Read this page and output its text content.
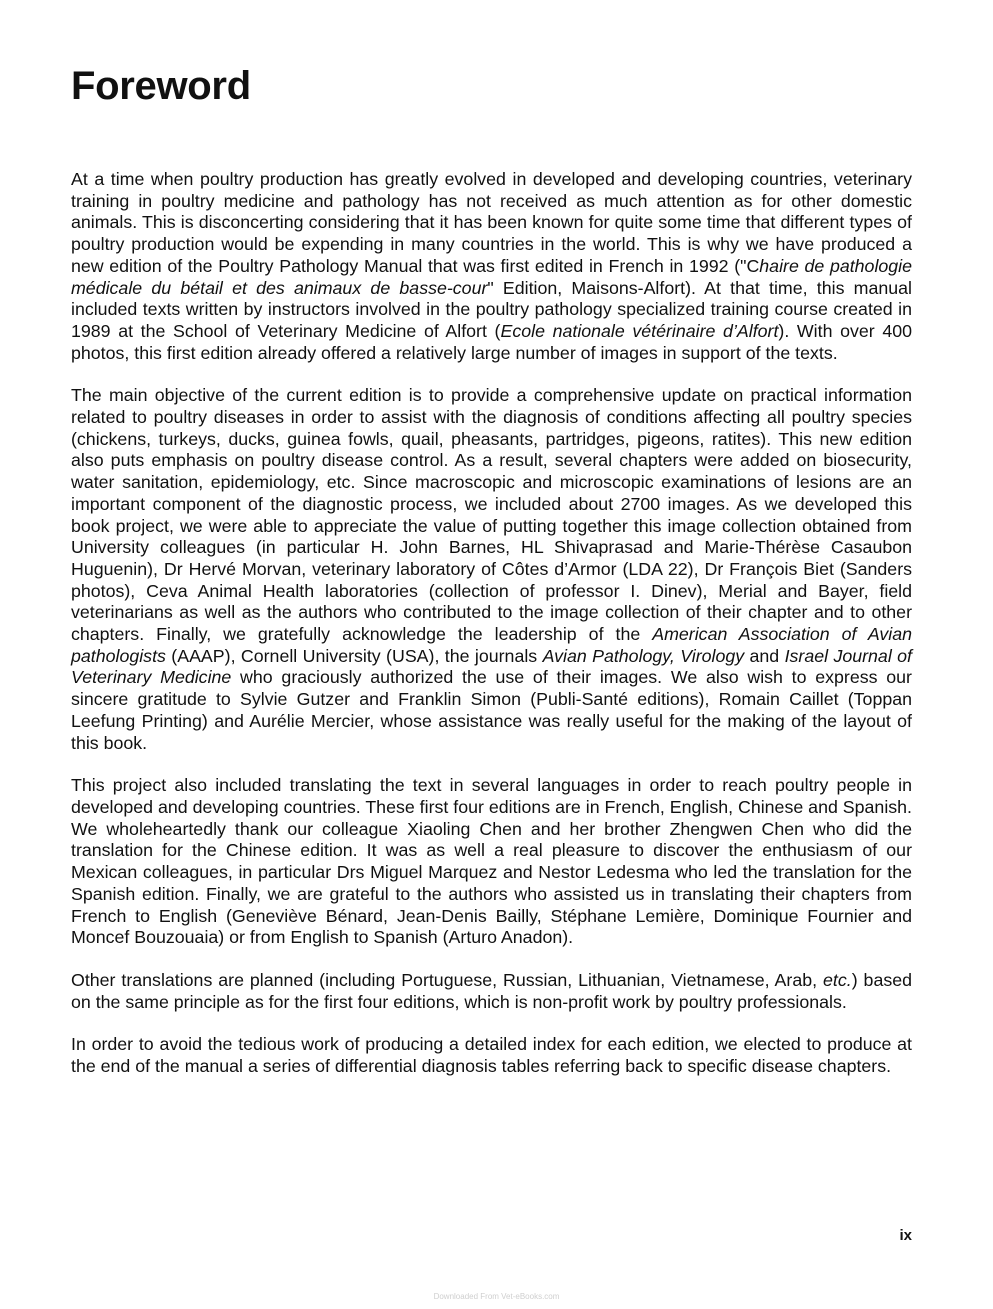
Foreword

At a time when poultry production has greatly evolved in developed and developing countries, veterinary training in poultry medicine and pathology has not received as much attention as for other domestic animals. This is disconcerting considering that it has been known for quite some time that different types of poultry production would be expending in many countries in the world. This is why we have produced a new edition of the Poultry Pathology Manual that was first edited in French in 1992 ("Chaire de pathologie médicale du bétail et des animaux de basse-cour" Edition, Maisons-Alfort). At that time, this manual included texts written by instructors involved in the poultry pathology specialized training course created in 1989 at the School of Veterinary Medicine of Alfort (Ecole nationale vétérinaire d’Alfort). With over 400 photos, this first edition already offered a relatively large number of images in support of the texts.

The main objective of the current edition is to provide a comprehensive update on practical information related to poultry diseases in order to assist with the diagnosis of conditions affecting all poultry species (chickens, turkeys, ducks, guinea fowls, quail, pheasants, partridges, pigeons, ratites). This new edition also puts emphasis on poultry disease control. As a result, several chapters were added on biosecurity, water sanitation, epidemiology, etc. Since macroscopic and microscopic examinations of lesions are an important component of the diagnostic process, we included about 2700 images. As we developed this book project, we were able to appreciate the value of putting together this image collection obtained from University colleagues (in particular H. John Barnes, HL Shivaprasad and Marie-Thérèse Casaubon Huguenin), Dr Hervé Morvan, veterinary laboratory of Côtes d’Armor (LDA 22), Dr François Biet (Sanders photos), Ceva Animal Health laboratories (collection of professor I. Dinev), Merial and Bayer, field veterinarians as well as the authors who contributed to the image collection of their chapter and to other chapters. Finally, we gratefully acknowledge the leadership of the American Association of Avian pathologists (AAAP), Cornell University (USA), the journals Avian Pathology, Virology and Israel Journal of Veterinary Medicine who graciously authorized the use of their images. We also wish to express our sincere gratitude to Sylvie Gutzer and Franklin Simon (Publi-Santé editions), Romain Caillet (Toppan Leefung Printing) and Aurélie Mercier, whose assistance was really useful for the making of the layout of this book.

This project also included translating the text in several languages in order to reach poultry people in developed and developing countries. These first four editions are in French, English, Chinese and Spanish. We wholeheartedly thank our colleague Xiaoling Chen and her brother Zhengwen Chen who did the translation for the Chinese edition. It was as well a real pleasure to discover the enthusiasm of our Mexican colleagues, in particular Drs Miguel Marquez and Nestor Ledesma who led the translation for the Spanish edition. Finally, we are grateful to the authors who assisted us in translating their chapters from French to English (Geneviève Bénard, Jean-Denis Bailly, Stéphane Lemière, Dominique Fournier and Moncef Bouzouaia) or from English to Spanish (Arturo Anadon).

Other translations are planned (including Portuguese, Russian, Lithuanian, Vietnamese, Arab, etc.) based on the same principle as for the first four editions, which is non-profit work by poultry professionals.

In order to avoid the tedious work of producing a detailed index for each edition, we elected to produce at the end of the manual a series of differential diagnosis tables referring back to specific disease chapters.

ix
Downloaded From Vet-eBooks.com
